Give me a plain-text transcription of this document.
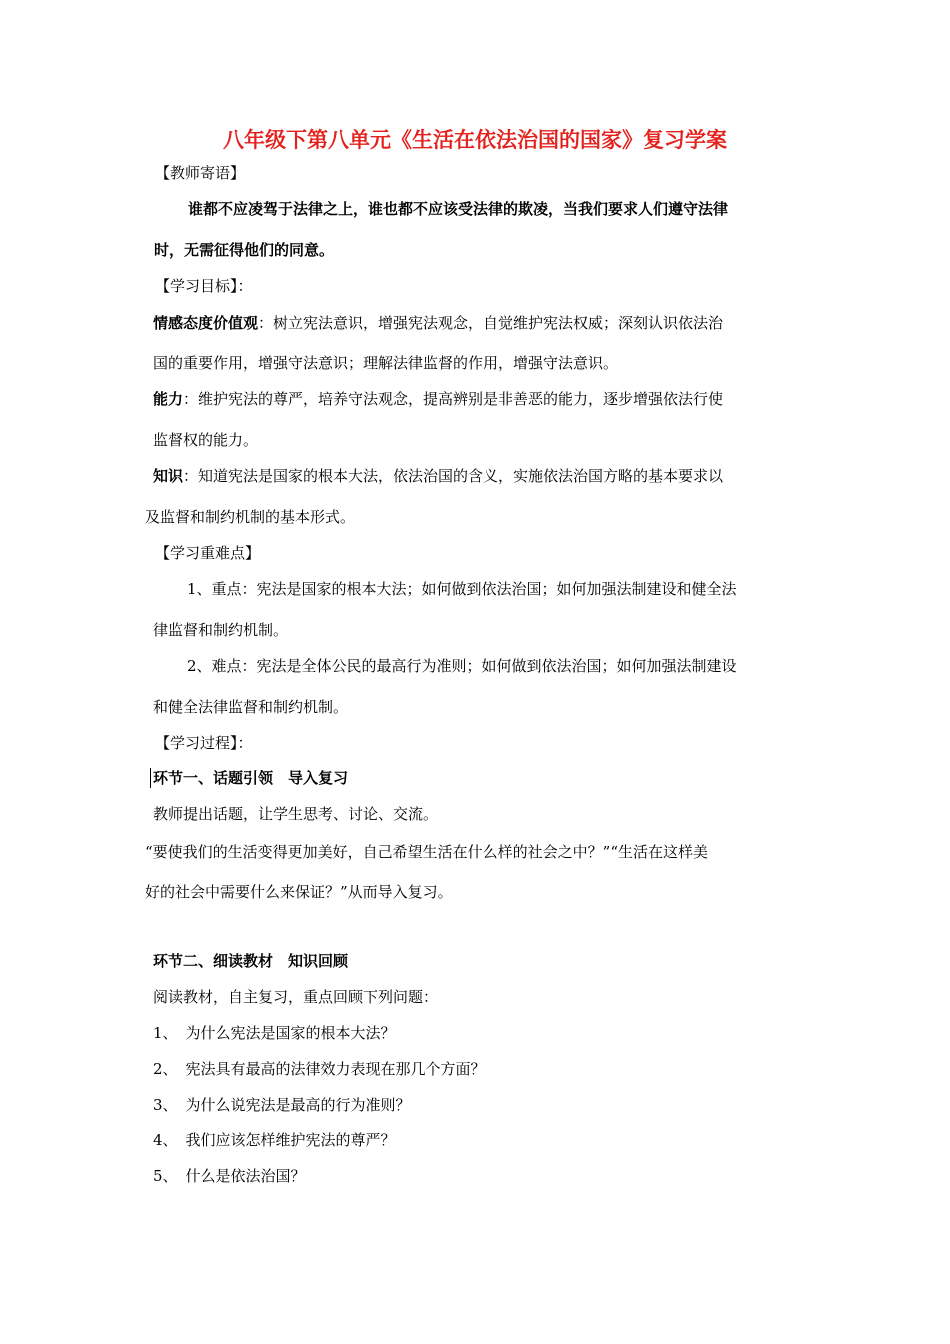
八年级下第八单元《生活在依法治国的国家》复习学案
【教师寄语】
谁都不应凌驾于法律之上，谁也都不应该受法律的欺凌，当我们要求人们遵守法律
时，无需征得他们的同意。
【学习目标】：
情感态度价值观：树立宪法意识，增强宪法观念，自觉维护宪法权威；深刻认识依法治
国的重要作用，增强守法意识；理解法律监督的作用，增强守法意识。
能力：维护宪法的尊严，培养守法观念，提高辨别是非善恶的能力，逐步增强依法行使
监督权的能力。
知识：知道宪法是国家的根本大法，依法治国的含义，实施依法治国方略的基本要求以
及监督和制约机制的基本形式。
【学习重难点】
1、重点：宪法是国家的根本大法；如何做到依法治国；如何加强法制建设和健全法
律监督和制约机制。
2、难点：宪法是全体公民的最高行为准则；如何做到依法治国；如何加强法制建设
和健全法律监督和制约机制。
【学习过程】：
环节一、话题引领　导入复习
教师提出话题，让学生思考、讨论、交流。
“要使我们的生活变得更加美好，自己希望生活在什么样的社会之中？”“生活在这样美
好的社会中需要什么来保证？”从而导入复习。
环节二、细读教材　知识回顾
阅读教材，自主复习，重点回顾下列问题：
1、 为什么宪法是国家的根本大法？
2、 宪法具有最高的法律效力表现在那几个方面？
3、 为什么说宪法是最高的行为准则？
4、 我们应该怎样维护宪法的尊严？
5、 什么是依法治国？
